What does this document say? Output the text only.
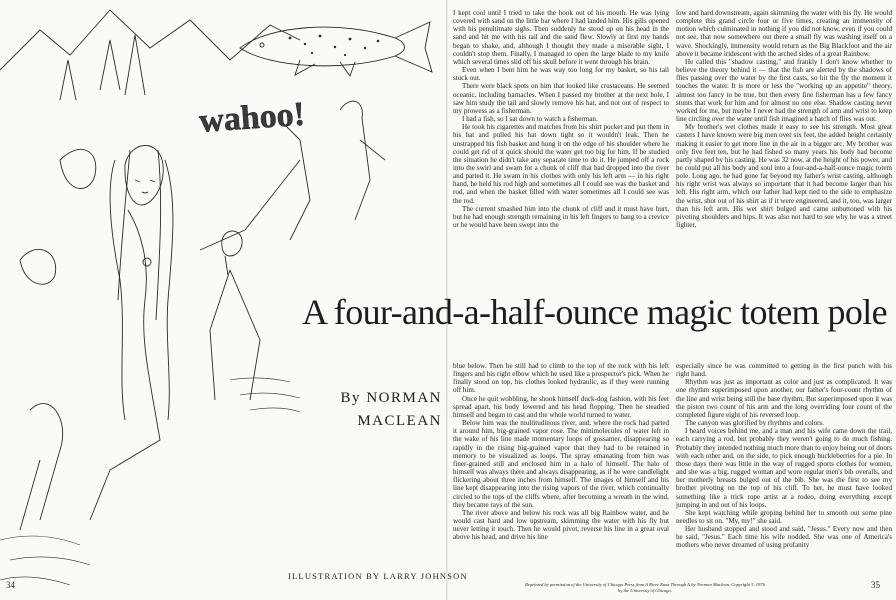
wahoo!

I kept cool until I tried to take the hook out of his mouth. He was lying covered with sand on the little bar where I had landed him. His gills opened with his penultimate sighs. Then suddenly he stood up on his head in the sand and hit me with his tail and the sand flew. Slowly at first my hands began to shake, and, although I thought they made a miserable sight, I couldn't stop them. Finally, I managed to open the large blade to my knife which several times slid off his skull before it went through his brain.

Even when I bent him he was way too long for my basket, so his tail stuck out.

There were black spots on him that looked like crustaceans. He seemed oceanic, including barnacles. When I passed my brother at the next hole, I saw him study the tail and slowly remove his hat, and not out of respect to my prowess as a fisherman.

I had a fish, so I sat down to watch a fisherman.

He took his cigarettes and matches from his shirt pocket and put them in his hat and pulled his hat down tight so it wouldn't leak. Then he unstrapped his fish basket and hung it on the edge of his shoulder where he could get rid of it quick should the water get too big for him. If he studied the situation he didn't take any separate time to do it. He jumped off a rock into the swirl and swam for a chunk of cliff that had dropped into the river and parted it. He swam in his clothes with only his left arm — in his right hand, he held his rod high and sometimes all I could see was the basket and rod, and when the basket filled with water sometimes all I could see was the rod.

The current smashed him into the chunk of cliff and it must have hurt, but he had enough strength remaining in his left fingers to hang to a crevice or he would have been swept into the

low and hard downstream, again skimming the water with his fly. He would complete this grand circle four or five times, creating an immensity of motion which culminated in nothing if you did not know, even if you could not see, that now somewhere out there a small fly was washing itself on a wave. Shockingly, immensity would return as the Big Blackfoot and the air above it became iridescent with the arched sides of a great Rainbow.

He called this "shadow casting," and frankly I don't know whether to believe the theory behind it — that the fish are alerted by the shadows of flies passing over the water by the first casts, so hit the fly the moment it touches the water. It is more or less the "working up an appetite" theory, almost too fancy to be true, but then every fine fisherman has a few fancy stunts that work for him and for almost no one else. Shadow casting never worked for me, but maybe I never had the strength of arm and wrist to keep line circling over the water until fish imagined a hatch of flies was out.

My brother's wet clothes made it easy to see his strength. Most great casters I have known were big men over six feet, the added height certainly making it easier to get more line in the air in a bigger arc. My brother was only five feet ten, but he had fished so many years his body had become partly shaped by his casting. He was 32 now, at the height of his power, and he could put all his body and soul into a four-and-a-half-ounce magic totem pole. Long ago, he had gone far beyond my father's wrist casting, although his right wrist was always so important that it had become larger than his left. His right arm, which our father had kept tied to the side to emphasize the wrist, shot out of his shirt as if it were engineered, and it, too, was larger than his left arm. His wet shirt bulged and came unbuttoned with his pivoting shoulders and hips. It was also not hard to see why he was a street fighter,

blue below. Then he still had to climb to the top of the rock with his left fingers and his right elbow which he used like a prospector's pick. When he finally stood on top, his clothes looked hydraulic, as if they were running off him.

Once he quit wobbling, he shook himself duck-dog fashion, with his feet spread apart, his body lowered and his head flopping. Then he steadied himself and began to cast and the whole world turned to water.

Below him was the multitudinous river, and, where the rock had parted it around him, big-grained vapor rose. The minimolecules of water left in the wake of his line made momentary loops of gossamer, disappearing so rapidly in the rising big-grained vapor that they had to be retained in memory to be visualized as loops. The spray emanating from him was finer-grained still and enclosed him in a halo of himself. The halo of himself was always there and always disappearing, as if he were candlelight flickering about three inches from himself. The images of himself and his line kept disappearing into the rising vapors of the river, which continually circled to the tops of the cliffs where, after becoming a wreath in the wind, they became rays of the sun.

The river above and below his rock was all big Rainbow water, and he would cast hard and low upstream, skimming the water with his fly but never letting it touch. Then he would pivot, reverse his line in a great oval above his head, and drive his line

especially since he was committed to getting in the first punch with his right hand.

Rhythm was just as important as color and just as complicated. It was one rhythm superimposed upon another, our father's four-count rhythm of the line and wrist being still the base rhythm. But superimposed upon it was the piston two count of his arm and the long overriding four count of the completed figure eight of his reversed loop.

The canyon was glorified by rhythms and colors.

I heard voices behind me, and a man and his wife came down the trail, each carrying a rod, but probably they weren't going to do much fishing. Probably they intended nothing much more than to enjoy being out of doors with each other and, on the side, to pick enough huckleberries for a pie. In those days there was little in the way of rugged sports clothes for women, and she was a big, rugged woman and wore regular men's bib overalls, and her motherly breasts bulged out of the bib. She was the first to see my brother pivoting on the top of his cliff. To her, he must have looked something like a trick rope artist at a rodeo, doing everything except jumping in and out of his loops.

She kept watching while groping behind her to smooth out some pine needles to sit on. "My, my!" she said.

Her husband stopped and stood and said, "Jesus." Every now and then he said, "Jesus." Each time his wife nodded. She was one of America's mothers who never dreamed of using profanity

A four-and-a-half-ounce magic totem pole
By NORMAN
MACLEAN
ILLUSTRATION BY LARRY JOHNSON
34	35
Reprinted by permission of the University of Chicago Press from A River Runs Through It by Norman Maclean. Copyright © 1976 by the University of Chicago.
